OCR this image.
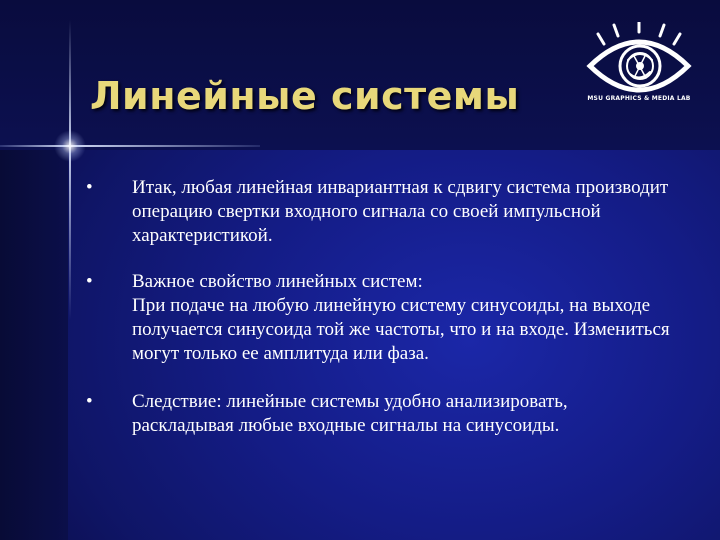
Линейные системы	MSU GRAPHICS & MEDIA LAB
• Итак, любая линейная инвариантная к сдвигу система производит
операцию свертки входного сигнала со своей импульсной
характеристикой.
• Важное свойство линейных систем:
При подаче на любую линейную систему синусоиды, на выходе
получается синусоида той же частоты, что и на входе. Измениться
могут только ее амплитуда или фаза.
• Следствие: линейные системы удобно анализировать,
раскладывая любые входные сигналы на синусоиды.
